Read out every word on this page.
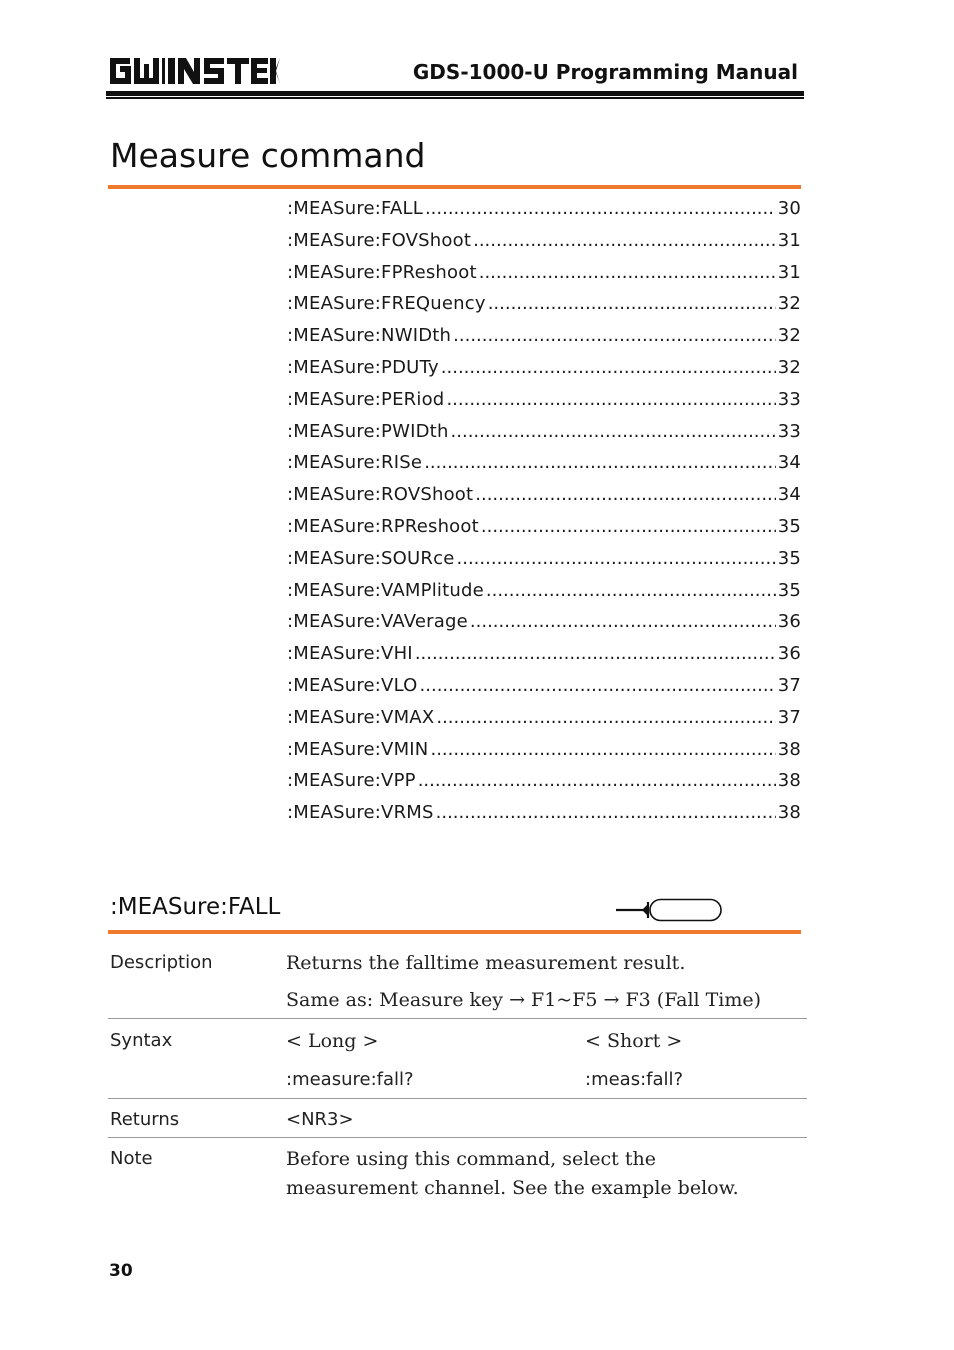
GDS-1000-U Programming Manual
Measure command
:MEASure:FALL .....	30
:MEASure:FOVShoot .....	31
:MEASure:FPReshoot .....	31
:MEASure:FREQuency .....	32
:MEASure:NWIDth .....	32
:MEASure:PDUTy .....	32
:MEASure:PERiod .....	33
:MEASure:PWIDth .....	33
:MEASure:RISe .....	34
:MEASure:ROVShoot .....	34
:MEASure:RPReshoot .....	35
:MEASure:SOURce .....	35
:MEASure:VAMPlitude .....	35
:MEASure:VAVerage .....	36
:MEASure:VHI .....	36
:MEASure:VLO .....	37
:MEASure:VMAX .....	37
:MEASure:VMIN .....	38
:MEASure:VPP .....	38
:MEASure:VRMS .....	38
:MEASure:FALL
Description	Returns the falltime measurement result.
Same as: Measure key → F1~F5 → F3 (Fall Time)
Syntax	< Long >	< Short >
:measure:fall?	:meas:fall?
Returns	<NR3>
Note	Before using this command, select the
measurement channel. See the example below.
30
